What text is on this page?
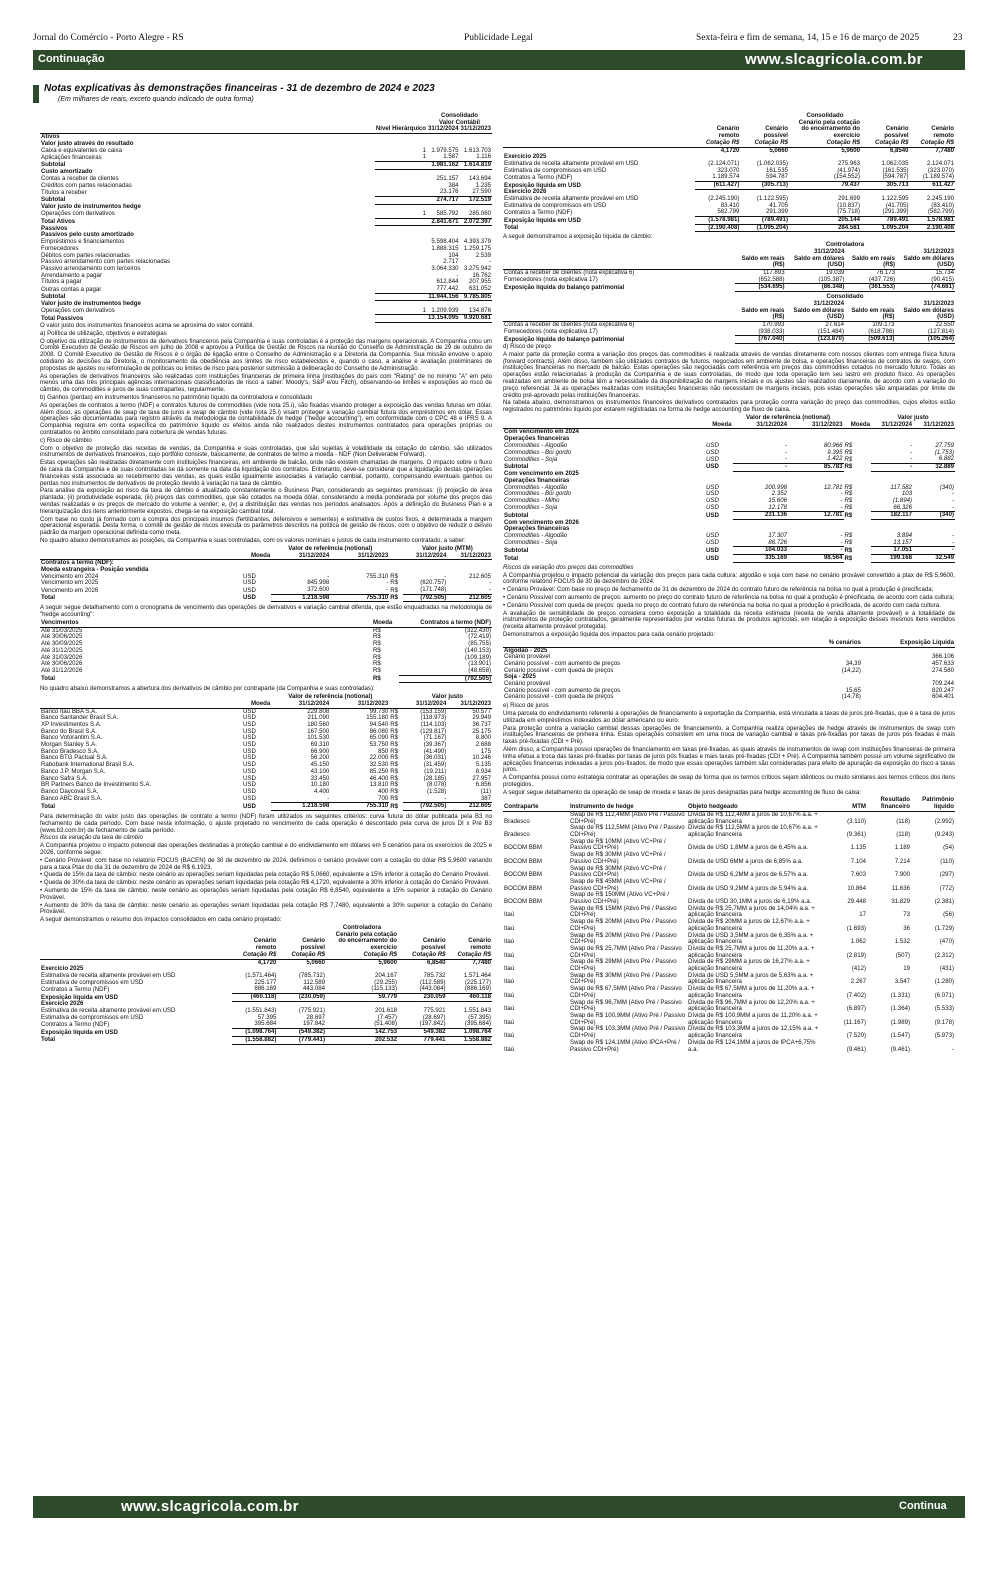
Jornal do Comércio - Porto Alegre - RS	Publicidade Legal	Sexta-feira e fim de semana, 14, 15 e 16 de março de 2025	23
Continuação	www.slcagricola.com.br
Notas explicativas às demonstrações financeiras - 31 de dezembro de 2024 e 2023
(Em milhares de reais, exceto quando indicado de outra forma)
		Consolidado	
		Valor Contábil	
	Nível Hierárquico	31/12/2024	31/12/2023
Ativos			
Valor justo através do resultado			
Caixa e equivalentes de caixa	1	1.979.575	1.613.703
Aplicações financeiras	1	1.587	1.116
Subtotal		1.981.162	1.614.819
Custo amortizado			
Contas a receber de clientes		251.157	143.694
Créditos com partes relacionadas		384	1.235
Títulos a receber		23.176	27.590
Subtotal		274.717	172.519
Valor justo de instrumentos hedge			
Operações com derivativos	1	585.792	285.060
Total Ativos		2.841.671	2.072.397
Passivos			
Passivos pelo custo amortizado			
Empréstimos e financiamentos		5.598.404	4.393.379
Fornecedores		1.888.315	1.259.175
Débitos com partes relacionadas		104	2.539
Passivo arrendamento com partes relacionadas		2.717	-
Passivo arrendamento com terceiros		3.064.330	3.275.942
Arrendamento a pagar		-	16.762
Títulos a pagar		612.844	207.955
Outras contas a pagar		777.442	631.052
Subtotal		11.944.156	9.785.805
Valor justo de instrumentos hedge			
Operações com derivativos	1	1.209.939	134.876
Total Passivos		13.154.095	9.920.681

O valor justo dos instrumentos financeiros acima se aproxima do valor contábil.

a) Política de utilização, objetivos e estratégias

O objetivo da utilização de instrumentos de derivativos financeiros pela Companhia e suas controladas é a proteção das margens operacionais. A Companhia criou um Comitê Executivo de Gestão de Riscos em julho de 2008 e aprovou a Política de Gestão de Riscos na reunião do Conselho de Administração de 29 de outubro de 2008. O Comitê Executivo de Gestão de Riscos é o órgão de ligação entre o Conselho de Administração e a Diretoria da Companhia. Sua missão envolve o apoio cotidiano às decisões da Diretoria, o monitoramento da obediência aos limites de risco estabelecidos e, quando o caso, a análise e avaliação preliminares de propostas de ajustes ou reformulação de políticas ou limites de risco para posterior submissão à deliberação do Conselho de Administração.

As operações de derivativos financeiros são realizadas com instituições financeiras de primeira linha (instituições do país com "Rating" de no mínimo "A" em pelo menos uma das três principais agências internacionais classificadoras de risco a saber: Moody's, S&P e/ou Fitch), observando-se limites e exposições ao risco de câmbio, de commodities e juros de suas contrapartes, regularmente.

b) Ganhos (perdas) em instrumentos financeiros no patrimônio líquido da controladora e consolidado

As operações de contratos a termo (NDF) e contratos futuros de commodities (vide nota 25.i), são fixadas visando proteger a exposição das vendas futuras em dólar. Além disso, as operações de swap de taxa de juros e swap de câmbio (vide nota 25.i) visam proteger a variação cambial futura dos empréstimos em dólar. Essas operações são documentadas para registro através da metodologia de contabilidade de hedge ("hedge accounting"), em conformidade com o CPC 48 e IFRS 9. A Companhia registra em conta específica do patrimônio líquido os efeitos ainda não realizados destes instrumentos contratados para operações próprias ou contratados no âmbito consolidado para cobertura de vendas futuras.

c) Risco de câmbio

Com o objetivo de proteção das receitas de vendas, da Companhia e suas controladas, que são sujeitas à volatilidade da cotação do câmbio, são utilizados instrumentos de derivativos financeiros, cujo portfólio consiste, basicamente, de contratos de termo a moeda - NDF (Non Deliverable Forward).

Estas operações são realizadas diretamente com instituições financeiras, em ambiente de balcão, onde não existem chamadas de margens. O impacto sobre o fluxo de caixa da Companhia e de suas controladas se dá somente na data da liquidação dos contratos. Entretanto, deve-se considerar que a liquidação destas operações financeiras está associada ao recebimento das vendas, as quais estão igualmente associadas à variação cambial, portanto, compensando eventuais ganhos ou perdas nos instrumentos de derivativos de proteção devido à variação na taxa de câmbio.

Para análise da exposição ao risco da taxa de câmbio é atualizado constantemente o Business Plan, considerando as seguintes premissas: (i) projeção de área plantada; (ii) produtividade esperada; (iii) preços das commodities, que são cotados na moeda dólar, considerando a média ponderada por volume dos preços das vendas realizadas e os preços de mercado do volume a vender; e, (iv) a distribuição das vendas nos períodos analisados. Após a definição do Business Plan e a hierarquização dos itens anteriormente expostos, chega-se na exposição cambial total.

Com base no custo já formado com a compra dos principais insumos (fertilizantes, defensivos e sementes) e estimativa de custos fixos, é determinada a margem operacional esperada. Desta forma, o comitê de gestão de riscos executa os parâmetros descritos na política de gestão de riscos, com o objetivo de reduzir o desvio padrão da margem operacional definida como meta.

No quadro abaixo demonstramos as posições, da Companhia e suas controladas, com os valores nominais e justos de cada instrumento contratado, a saber:

		Valor de referência (notional)			Valor justo (MTM)	
	Moeda	31/12/2024	31/12/2023		31/12/2024	31/12/2023
Contratos a termo (NDF):						
Moeda estrangeira - Posição vendida						
Vencimento em 2024	USD	-	755.310	R$	-	212.605
Vencimento em 2025	USD	845.998	-	R$	(620.757)	-
Vencimento em 2026	USD	372.600	-	R$	(171.748)	-
Total	USD	1.218.598	755.310	R$	(792.505)	212.605

A seguir segue detalhamento com o cronograma de vencimento das operações de derivativos e variação cambial diferida, que estão enquadradas na metodologia de "hedge accounting":

Vencimentos	Moeda	Contratos a termo (NDF)
Até 31/03/2025	R$	(322.430)
Até 30/06/2025	R$	(72.419)
Até 30/09/2025	R$	(85.755)
Até 31/12/2025	R$	(140.153)
Até 31/03/2026	R$	(109.189)
Até 30/06/2026	R$	(13.901)
Até 31/12/2026	R$	(48.658)
Total	R$	(792.505)

No quadro abaixo demonstramos a abertura dos derivativos de câmbio por contraparte (da Companhia e suas controladas):

		Valor de referência (notional)			Valor justo	
	Moeda	31/12/2024	31/12/2023		31/12/2024	31/12/2023
Banco Itaú BBA S.A.	USD	229.808	99.730	R$	(153.159)	50.577
Banco Santander Brasil S.A.	USD	211.090	155.180	R$	(118.973)	29.949
XP Investimentos S.A.	USD	180.560	94.540	R$	(114.103)	36.737
Banco do Brasil S.A.	USD	167.500	86.080	R$	(129.817)	25.175
Banco Votorantim S.A.	USD	101.530	65.090	R$	(71.167)	8.800
Morgan Stanley S.A.	USD	69.310	53.750	R$	(39.367)	2.688
Banco Bradesco S.A.	USD	66.900	850	R$	(41.490)	175
Banco BTG Pactual S.A.	USD	56.200	22.000	R$	(36.031)	10.246
Rabobank International Brasil S.A.	USD	45.150	32.530	R$	(31.459)	5.135
Banco J.P. Morgan S.A.	USD	43.100	85.250	R$	(19.211)	8.934
Banco Safra S.A.	USD	33.450	46.400	R$	(28.185)	27.957
BR Partners Banco de Investimento S.A.	USD	10.180	13.810	R$	(8.078)	6.856
Banco Daycoval S.A.	USD	4.400	400	R$	(1.528)	(11)
Banco ABC Brasil S.A.	USD	-	700	R$	-	387
Total	USD	1.218.598	755.310	R$	(792.505)	212.605

Para determinação do valor justo das operações de contrato a termo (NDF) foram utilizados os seguintes critérios: curva futura do dólar publicada pela B3 no fechamento de cada período. Com base nesta informação, o ajuste projetado no vencimento de cada operação é descontado pela curva de juros DI x Pré B3 (www.b3.com.br) de fechamento de cada período.

Riscos da variação da taxa de câmbio

A Companhia projetou o impacto potencial das operações destinadas à proteção cambial e do endividamento em dólares em 5 cenários para os exercícios de 2025 e 2026, conforme segue:

• Cenário Provável: com base no relatório FOCUS (BACEN) de 30 de dezembro de 2024, definimos o cenário provável com a cotação do dólar R$ 5,9600 variando para a taxa Ptax do dia 31 de dezembro de 2024 de R$ 6,1923.

• Queda de 15% da taxa de câmbio: neste cenário as operações seriam liquidadas pela cotação R$ 5,0660, equivalente a 15% inferior à cotação do Cenário Provável.

• Queda de 30% da taxa de câmbio: neste cenário as operações seriam liquidadas pela cotação R$ 4,1720, equivalente a 30% inferior à cotação do Cenário Provável.

• Aumento de 15% da taxa de câmbio: neste cenário as operações seriam liquidadas pela cotação R$ 6,8540, equivalente a 15% superior à cotação do Cenário Provável.

• Aumento de 30% da taxa de câmbio: neste cenário as operações seriam liquidadas pela cotação R$ 7,7480, equivalente a 30% superior à cotação do Cenário Provável.

A seguir demonstramos o resumo dos impactos consolidados em cada cenário projetado:

	Controladora				
	Cenário remoto	Cenário possível	Cenário pela cotação do encerramento do exercício	Cenário possível	Cenário remoto
	Cotação R$	Cotação R$	Cotação R$	Cotação R$	Cotação R$
	4,1720	5,0660	5,9600	6,8540	7,7480
Exercício 2025					
Estimativa de receita altamente provável em USD	(1.571.464)	(785.732)	204.167	785.732	1.571.464
Estimativa de compromissos em USD	225.177	112.589	(29.255)	(112.589)	(225.177)
Contratos a Termo (NDF)	886.169	443.084	(115.133)	(443.084)	(886.169)
Exposição líquida em USD	(460.118)	(230.059)	59.779	230.059	460.118
Exercício 2026					
Estimativa de receita altamente provável em USD	(1.551.843)	(775.921)	201.618	775.921	1.551.843
Estimativa de compromissos em USD	57.395	28.697	(7.457)	(28.697)	(57.395)
Contratos a Termo (NDF)	395.684	197.842	(51.408)	(197.842)	(395.684)
Exposição líquida em USD	(1.098.764)	(549.382)	142.753	549.382	1.098.764
Total	(1.558.882)	(779.441)	202.532	779.441	1.558.882
	Consolidado				
	Cenário remoto	Cenário possível	Cenário pela cotação do encerramento do exercício	Cenário possível	Cenário remoto
	Cotação R$	Cotação R$	Cotação R$	Cotação R$	Cotação R$
	4,1720	5,0660	5,9600	6,8540	7,7480
Exercício 2025					
Estimativa de receita altamente provável em USD	(2.124.071)	(1.062.035)	275.963	1.062.035	2.124.071
Estimativa de compromissos em USD	323.070	161.535	(41.974)	(161.535)	(323.070)
Contratos a Termo (NDF)	1.189.574	594.787	(154.552)	(594.787)	(1.189.574)
Exposição líquida em USD	(611.427)	(305.713)	79.437	305.713	611.427
Exercício 2026					
Estimativa de receita altamente provável em USD	(2.245.190)	(1.122.595)	291.699	1.122.595	2.245.190
Estimativa de compromissos em USD	83.410	41.705	(10.837)	(41.705)	(83.410)
Contratos a Termo (NDF)	582.799	291.399	(75.718)	(291.399)	(582.799)
Exposição líquida em USD	(1.578.981)	(789.491)	205.144	789.491	1.578.981
Total	(2.190.408)	(1.095.204)	284.581	1.095.204	2.190.408

A seguir demonstramos a exposição líquida de câmbio:

	Controladora			
	31/12/2024		31/12/2023	
	Saldo em reais (R$)	Saldo em dólares (USD)	Saldo em reais (R$)	Saldo em dólares (USD)
Contas a receber de clientes (nota explicativa 6)	117.893	19.039	76.173	15.734
Fornecedores (nota explicativa 17)	(652.588)	(105.387)	(437.726)	(90.415)
Exposição líquida do balanço patrimonial	(534.695)	(86.348)	(361.553)	(74.681)
	Consolidado			
	31/12/2024		31/12/2023	
	Saldo em reais (R$)	Saldo em dólares (USD)	Saldo em reais (R$)	Saldo em dólares (USD)
Contas a receber de clientes (nota explicativa 6)	170.993	27.614	109.173	22.550
Fornecedores (nota explicativa 17)	(938.033)	(151.484)	(618.786)	(127.814)
Exposição líquida do balanço patrimonial	(767.040)	(123.870)	(509.613)	(105.264)

d) Risco de preço

A maior parte da proteção contra a variação dos preços das commodities é realizada através de vendas diretamente com nossos clientes com entrega física futura (forward contracts). Além disso, também são utilizados contratos de futuros, negociados em ambiente de bolsa, e operações financeiras de contratos de swaps, com instituições financeiras no mercado de balcão. Estas operações são negociadas com referência em preços das commodities cotados no mercado futuro. Todas as operações estão relacionadas à produção da Companhia e de suas controladas, de modo que toda operação tem seu lastro em produto físico. As operações realizadas em ambiente de bolsa têm a necessidade da disponibilização de margens iniciais e os ajustes são realizados diariamente, de acordo com a variação do preço referencial. Já as operações realizadas com instituições financeiras não necessitam de margens iniciais, pois estas operações são amparadas por limite de crédito pré-aprovado pelas instituições financeiras.

Na tabela abaixo, demonstramos os instrumentos financeiros derivativos contratados para proteção contra variação do preço das commodities, cujos efeitos estão registrados no patrimônio líquido por estarem registradas na forma de hedge accounting de fluxo de caixa.

		Valor de referência (notional)			Valor justo	
	Moeda	31/12/2024	31/12/2023	Moeda	31/12/2024	31/12/2023
Com vencimento em 2024						
Operações financeiras						
Commodities - Algodão	USD	-	80.966	R$	-	27.759
Commodities - Boi gordo	USD	-	9.395	R$	-	(1.753)
Commodities - Soja	USD	-	1.422	R$	-	6.882
Subtotal	USD	-	85.783	R$	-	32.889
Com vencimento em 2025						
Operações financeiras						
Commodities - Algodão	USD	200.998	12.781	R$	117.582	(340)
Commodities - Boi gordo	USD	2.352	-	R$	103	-
Commodities - Milho	USD	15.606	-	R$	(1.894)	-
Commodities - Soja	USD	12.178	-	R$	66.326	-
Subtotal	USD	231.136	12.781	R$	182.117	(340)
Com vencimento em 2026						
Operações financeiras						
Commodities - Algodão	USD	17.307	-	R$	3.894	-
Commodities - Soja	USD	86.726	-	R$	13.157	-
Subtotal	USD	104.033	-	R$	17.051	-
Total	USD	335.169	98.564	R$	199.168	32.549

Riscos da variação dos preços das commodities

A Companhia projetou o impacto potencial da variação dos preços para cada cultura: algodão e soja com base no cenário provável convertido a ptax de R$ 5,9600, conforme relatório FOCUS de 30 de dezembro de 2024.

• Cenário Provável: Com base no preço de fechamento de 31 de dezembro de 2024 do contrato futuro de referência na bolsa no qual a produção é precificada;

• Cenário Possível com aumento de preços: aumento no preço do contrato futuro de referência na bolsa no qual a produção é precificada, de acordo com cada cultura;

• Cenário Possível com queda de preços: queda no preço do contrato futuro de referência na bolsa no qual a produção é precificada, de acordo com cada cultura.

A avaliação de sensibilidade de preços considera como exposição a totalidade da receita estimada (receita de venda altamente provável) e a totalidade de instrumentos de proteção contratados, geralmente representados por vendas futuras de produtos agrícolas, em relação à exposição desses mesmos itens vendidos (receita altamente provável protegida).

Demonstramos a exposição líquida dos impactos para cada cenário projetado:

	% cenários	Exposição Líquida
Algodão - 2025		
Cenário provável		366.106
Cenário possível - com aumento de preços	34,39	457.633
Cenário possível - com queda de preços	(14,22)	274.580
Soja - 2025		
Cenário provável		709.244
Cenário possível - com aumento de preços	15,65	820.247
Cenário possível - com queda de preços	(14,78)	604.401

e) Risco de juros

Uma parcela do endividamento referente a operações de financiamento à exportação da Companhia, está vinculada a taxas de juros pré-fixadas, que é a taxa de juros utilizada em empréstimos indexados ao dólar americano ou euro.

Para proteção contra a variação cambial dessas operações de financiamento, a Companhia realiza operações de hedge através de instrumentos de swap com instituições financeiras de primeira linha. Estas operações consistem em uma troca de variação cambial e taxas pré-fixadas por taxas de juros pós fixadas e mais taxas pré-fixadas (CDI + Pré).

Além disso, a Companhia possui operações de financiamento em taxas pré-fixadas, as quais através de instrumentos de swap com instituições financeiras de primeira linha efetua a troca das taxas pré-fixadas por taxas de juros pós fixadas e mais taxas pré-fixadas (CDI + Pré). A Companhia também possui um volume significativo de aplicações financeiras indexadas a juros pós-fixados, de modo que essas operações também são consideradas para efeito de apuração da exposição do risco a taxas juros.

A Companhia possui como estratégia contratar as operações de swap de forma que os termos críticos sejam idênticos ou muito similares aos termos críticos dos itens protegidos.

A seguir segue detalhamento da operação de swap de moeda e taxas de juros designadas para hedge accounting de fluxo de caixa:

Contraparte	Instrumento de hedge	Objeto hedgeado	MTM	Resultado financeiro	Patrimônio líquido
Bradesco	Swap de R$ 112,4MM (Ativo Pré / Passivo CDI+Pré)	Dívida de R$ 112,4MM a juros de 10,67% a.a. + aplicação financeira	(3.110)	(118)	(2.992)
Bradesco	Swap de R$ 112,5MM (Ativo Pré / Passivo CDI+Pré)	Dívida de R$ 112,5MM a juros de 10,67% a.a. + aplicação financeira	(9.361)	(118)	(9.243)
BOCOM BBM	Swap de R$ 10MM (Ativo VC+Pré / Passivo CDI+Pré)	Dívida de USD 1,8MM a juros de 6,45% a.a.	1.135	1.189	(54)
BOCOM BBM	Swap de R$ 30MM (Ativo VC+Pré / Passivo CDI+Pré)	Dívida de USD 6MM a juros de 6,85% a.a.	7.104	7.214	(110)
BOCOM BBM	Swap de R$ 30MM (Ativo VC+Pré / Passivo CDI+Pré)	Dívida de USD 6,2MM a juros de 6,57% a.a.	7.603	7.900	(297)
BOCOM BBM	Swap de R$ 45MM (Ativo VC+Pré / Passivo CDI+Pré)	Dívida de USD 9,2MM a juros de 5,94% a.a.	10.864	11.636	(772)
BOCOM BBM	Swap de R$ 150MM (Ativo VC+Pré / Passivo CDI+Pré)	Dívida de USD 30,1MM a juros de 6,19% a.a.	29.448	31.829	(2.381)
Itaú	Swap de R$ 15MM (Ativo Pré / Passivo CDI+Pré)	Dívida de R$ 25,7MM a juros de 14,04% a.a. + aplicação financeira	17	73	(56)
Itaú	Swap de R$ 20MM (Ativo Pré / Passivo CDI+Pré)	Dívida de R$ 20MM a juros de 12,67% a.a. + aplicação financeira	(1.693)	36	(1.729)
Itaú	Swap de R$ 20MM (Ativo Pré / Passivo CDI+Pré)	Dívida de USD 3,5MM a juros de 6,35% a.a. + aplicação financeira	1.062	1.532	(470)
Itaú	Swap de R$ 25,7MM (Ativo Pré / Passivo CDI+Pré)	Dívida de R$ 25,7MM a juros de 11,20% a.a. + aplicação financeira	(2.819)	(507)	(2.312)
Itaú	Swap de R$ 29MM (Ativo Pré / Passivo CDI+Pré)	Dívida de R$ 29MM a juros de 16,27% a.a. + aplicação financeira	(412)	19	(431)
Itaú	Swap de R$ 30MM (Ativo Pré / Passivo CDI+Pré)	Dívida de USD 5,5MM a juros de 5,63% a.a. + aplicação financeira	2.267	3.547	(1.280)
Itaú	Swap de R$ 67,5MM (Ativo Pré / Passivo CDI+Pré)	Dívida de R$ 67,5MM a juros de 11,20% a.a. + aplicação financeira	(7.402)	(1.331)	(6.071)
Itaú	Swap de R$ 96,7MM (Ativo Pré / Passivo CDI+Pré)	Dívida de R$ 96,7MM a juros de 12,20% a.a. + aplicação financeira	(6.897)	(1.364)	(5.533)
Itaú	Swap de R$ 100,9MM (Ativo Pré / Passivo CDI+Pré)	Dívida de R$ 100,9MM a juros de 11,20% a.a. + aplicação financeira	(11.167)	(1.989)	(9.178)
Itaú	Swap de R$ 103,3MM (Ativo Pré / Passivo CDI+Pré)	Dívida de R$ 103,3MM a juros de 12,15% a.a. + aplicação financeira	(7.520)	(1.547)	(5.973)
Itaú	Swap de R$ 124,1MM (Ativo IPCA+Pré / Passivo CDI+Pré)	Dívida de R$ 124,1MM a juros de IPCA+6,75% a.a.	(9.461)	(9.461)	-
www.slcagricola.com.br	Continua
